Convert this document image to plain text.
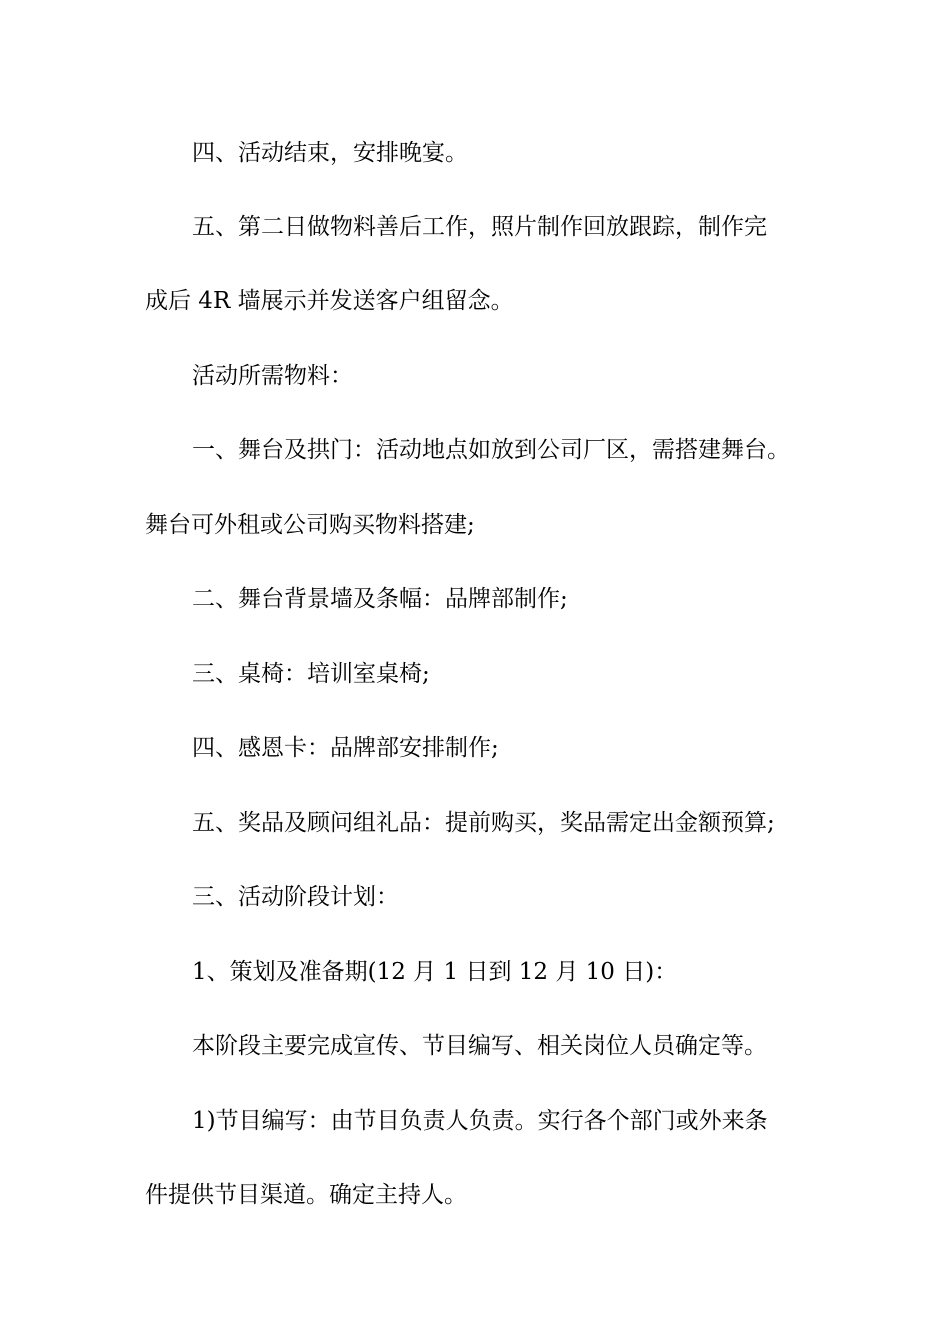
四、活动结束，安排晚宴。
五、第二日做物料善后工作，照片制作回放跟踪，制作完
成后 4R 墙展示并发送客户组留念。
活动所需物料：
一、舞台及拱门：活动地点如放到公司厂区，需搭建舞台。
舞台可外租或公司购买物料搭建;
二、舞台背景墙及条幅：品牌部制作;
三、桌椅：培训室桌椅;
四、感恩卡：品牌部安排制作;
五、奖品及顾问组礼品：提前购买，奖品需定出金额预算;
三、活动阶段计划：
1、策划及准备期(12 月 1 日到 12 月 10 日)：
本阶段主要完成宣传、节目编写、相关岗位人员确定等。
1)节目编写：由节目负责人负责。实行各个部门或外来条
件提供节目渠道。确定主持人。
